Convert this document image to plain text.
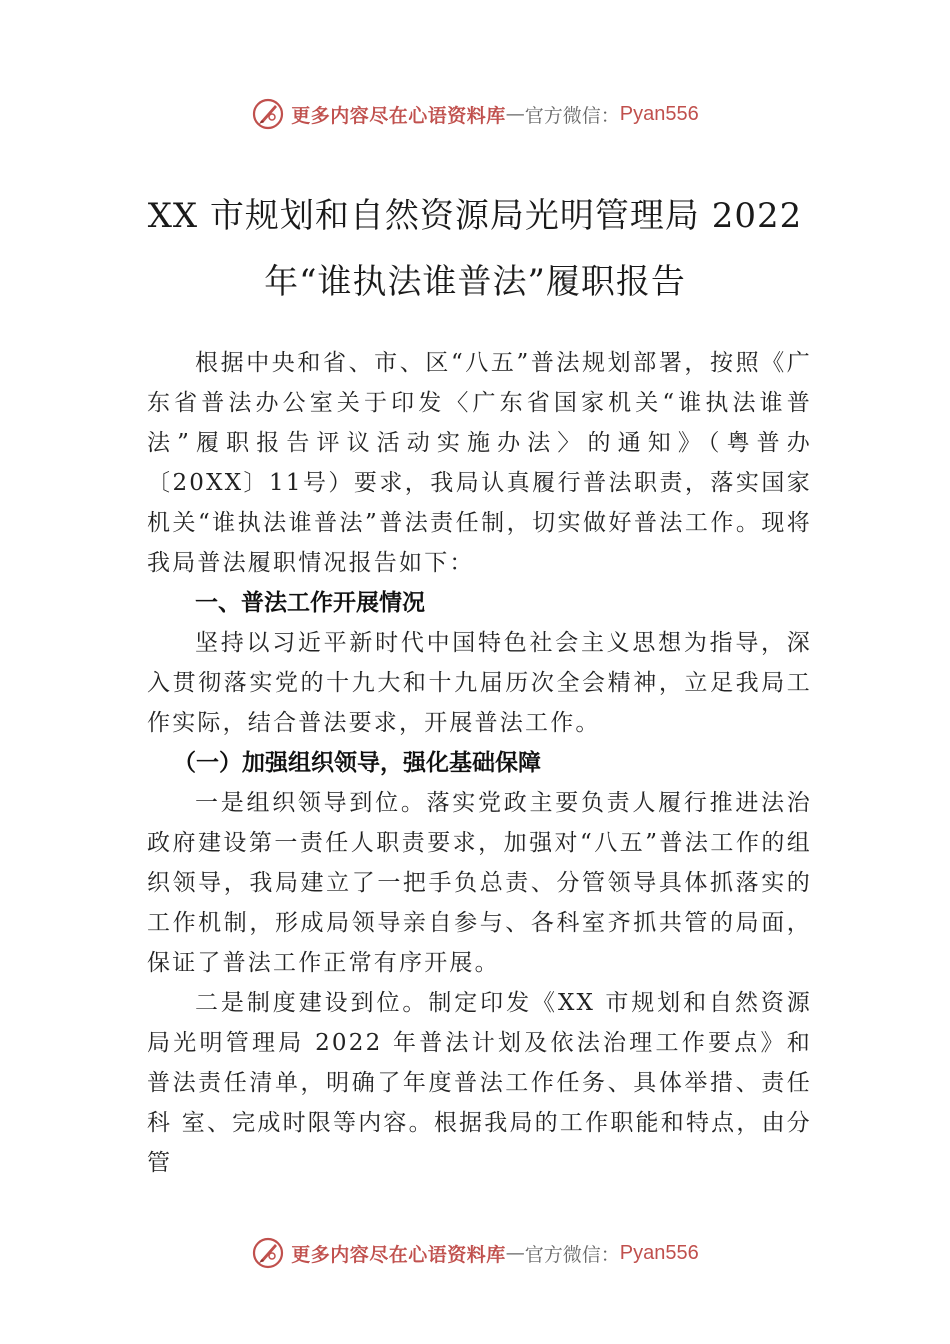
更多内容尽在心语资料库 — 官方微信： Pyan556
XX 市规划和自然资源局光明管理局 2022
年“谁执法谁普法”履职报告

根据中央和省、市、区“八五”普法规划部署，按照《广东省普法办公室关于印发〈广东省国家机关“谁执法谁普法”履职报告评议活动实施办法〉的通知》（粤普办〔20XX〕11号）要求，我局认真履行普法职责，落实国家机关“谁执法谁普法”普法责任制，切实做好普法工作。现将我局普法履职情况报告如下：

一、普法工作开展情况

坚持以习近平新时代中国特色社会主义思想为指导，深入贯彻落实党的十九大和十九届历次全会精神，立足我局工作实际，结合普法要求，开展普法工作。

（一）加强组织领导，强化基础保障

一是组织领导到位。落实党政主要负责人履行推进法治政府建设第一责任人职责要求，加强对“八五”普法工作的组织领导，我局建立了一把手负总责、分管领导具体抓落实的工作机制，形成局领导亲自参与、各科室齐抓共管的局面，保证了普法工作正常有序开展。

二是制度建设到位。制定印发《XX 市规划和自然资源局光明管理局 2022 年普法计划及依法治理工作要点》和普法责任清单，明确了年度普法工作任务、具体举措、责任科 室、完成时限等内容。根据我局的工作职能和特点，由分管

更多内容尽在心语资料库 — 官方微信： Pyan556
